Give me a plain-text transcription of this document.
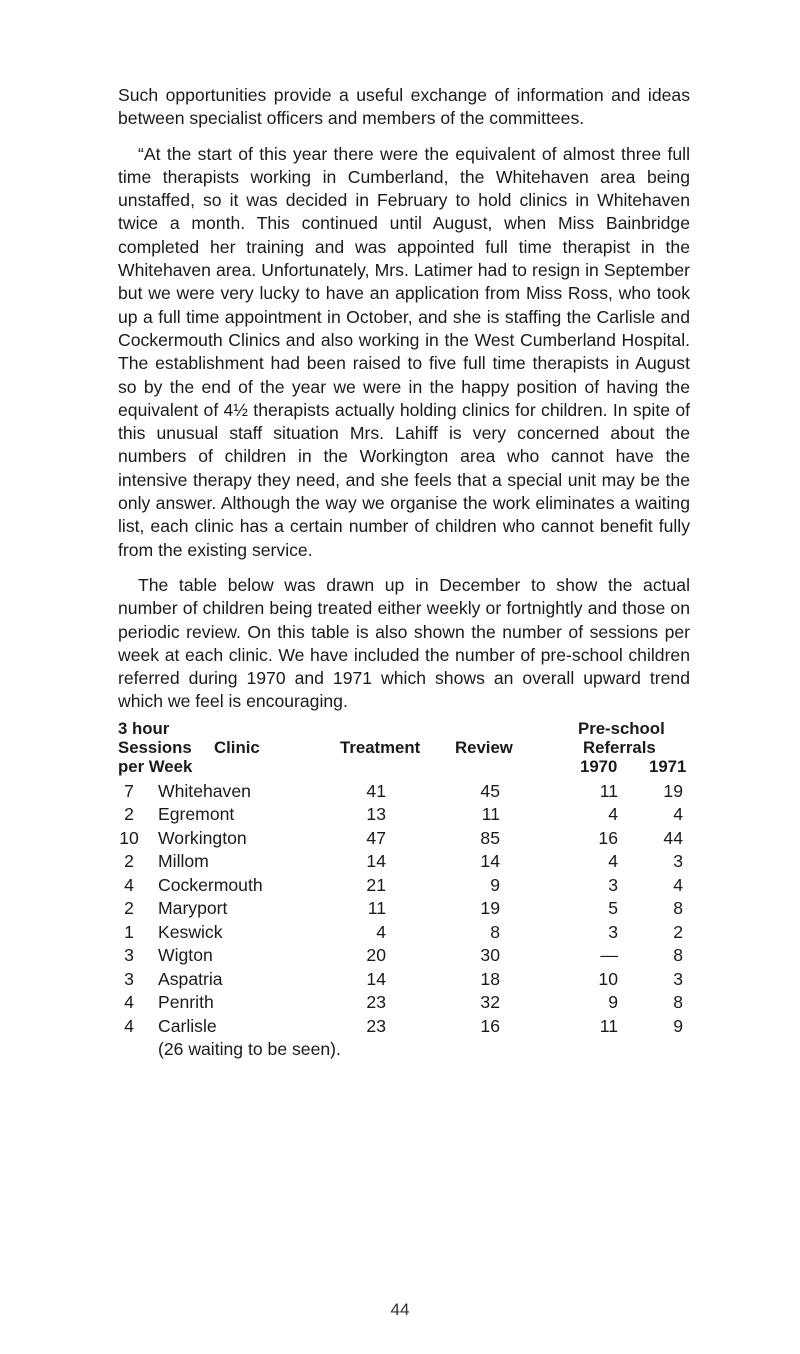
Such opportunities provide a useful exchange of information and ideas between specialist officers and members of the committees.

“At the start of this year there were the equivalent of almost three full time therapists working in Cumberland, the Whitehaven area being unstaffed, so it was decided in February to hold clinics in Whitehaven twice a month. This continued until August, when Miss Bainbridge completed her training and was appointed full time therapist in the Whitehaven area. Unfortunately, Mrs. Latimer had to resign in September but we were very lucky to have an application from Miss Ross, who took up a full time appointment in October, and she is staffing the Carlisle and Cockermouth Clinics and also working in the West Cumberland Hospital. The establishment had been raised to five full time therapists in August so by the end of the year we were in the happy position of having the equivalent of 4½ therapists actually holding clinics for children. In spite of this unusual staff situation Mrs. Lahiff is very concerned about the numbers of children in the Workington area who cannot have the intensive therapy they need, and she feels that a special unit may be the only answer. Although the way we organise the work eliminates a waiting list, each clinic has a certain number of children who cannot benefit fully from the existing service.

The table below was drawn up in December to show the actual number of children being treated either weekly or fortnightly and those on periodic review. On this table is also shown the number of sessions per week at each clinic. We have included the number of pre-school children referred during 1970 and 1971 which shows an overall upward trend which we feel is encouraging.

3 hour
Sessions
per Week
Clinic	Treatment Review
Pre-school
Referrals
1970 1971
7	Whitehaven	41	45	11	19
2	Egremont	13	11	4	4
10 Workington	47	85	16	44
2	Millom	14	14	4	3
4	Cockermouth	21	9	3	4
2	Maryport	11	19	5	8
1	Keswick	4	8	3	2
3	Wigton	20	30	—	8
3	Aspatria	14	18	10	3
4	Penrith	23	32	9	8
4	Carlisle	23	16	11	9
(26 waiting to be seen).
44
